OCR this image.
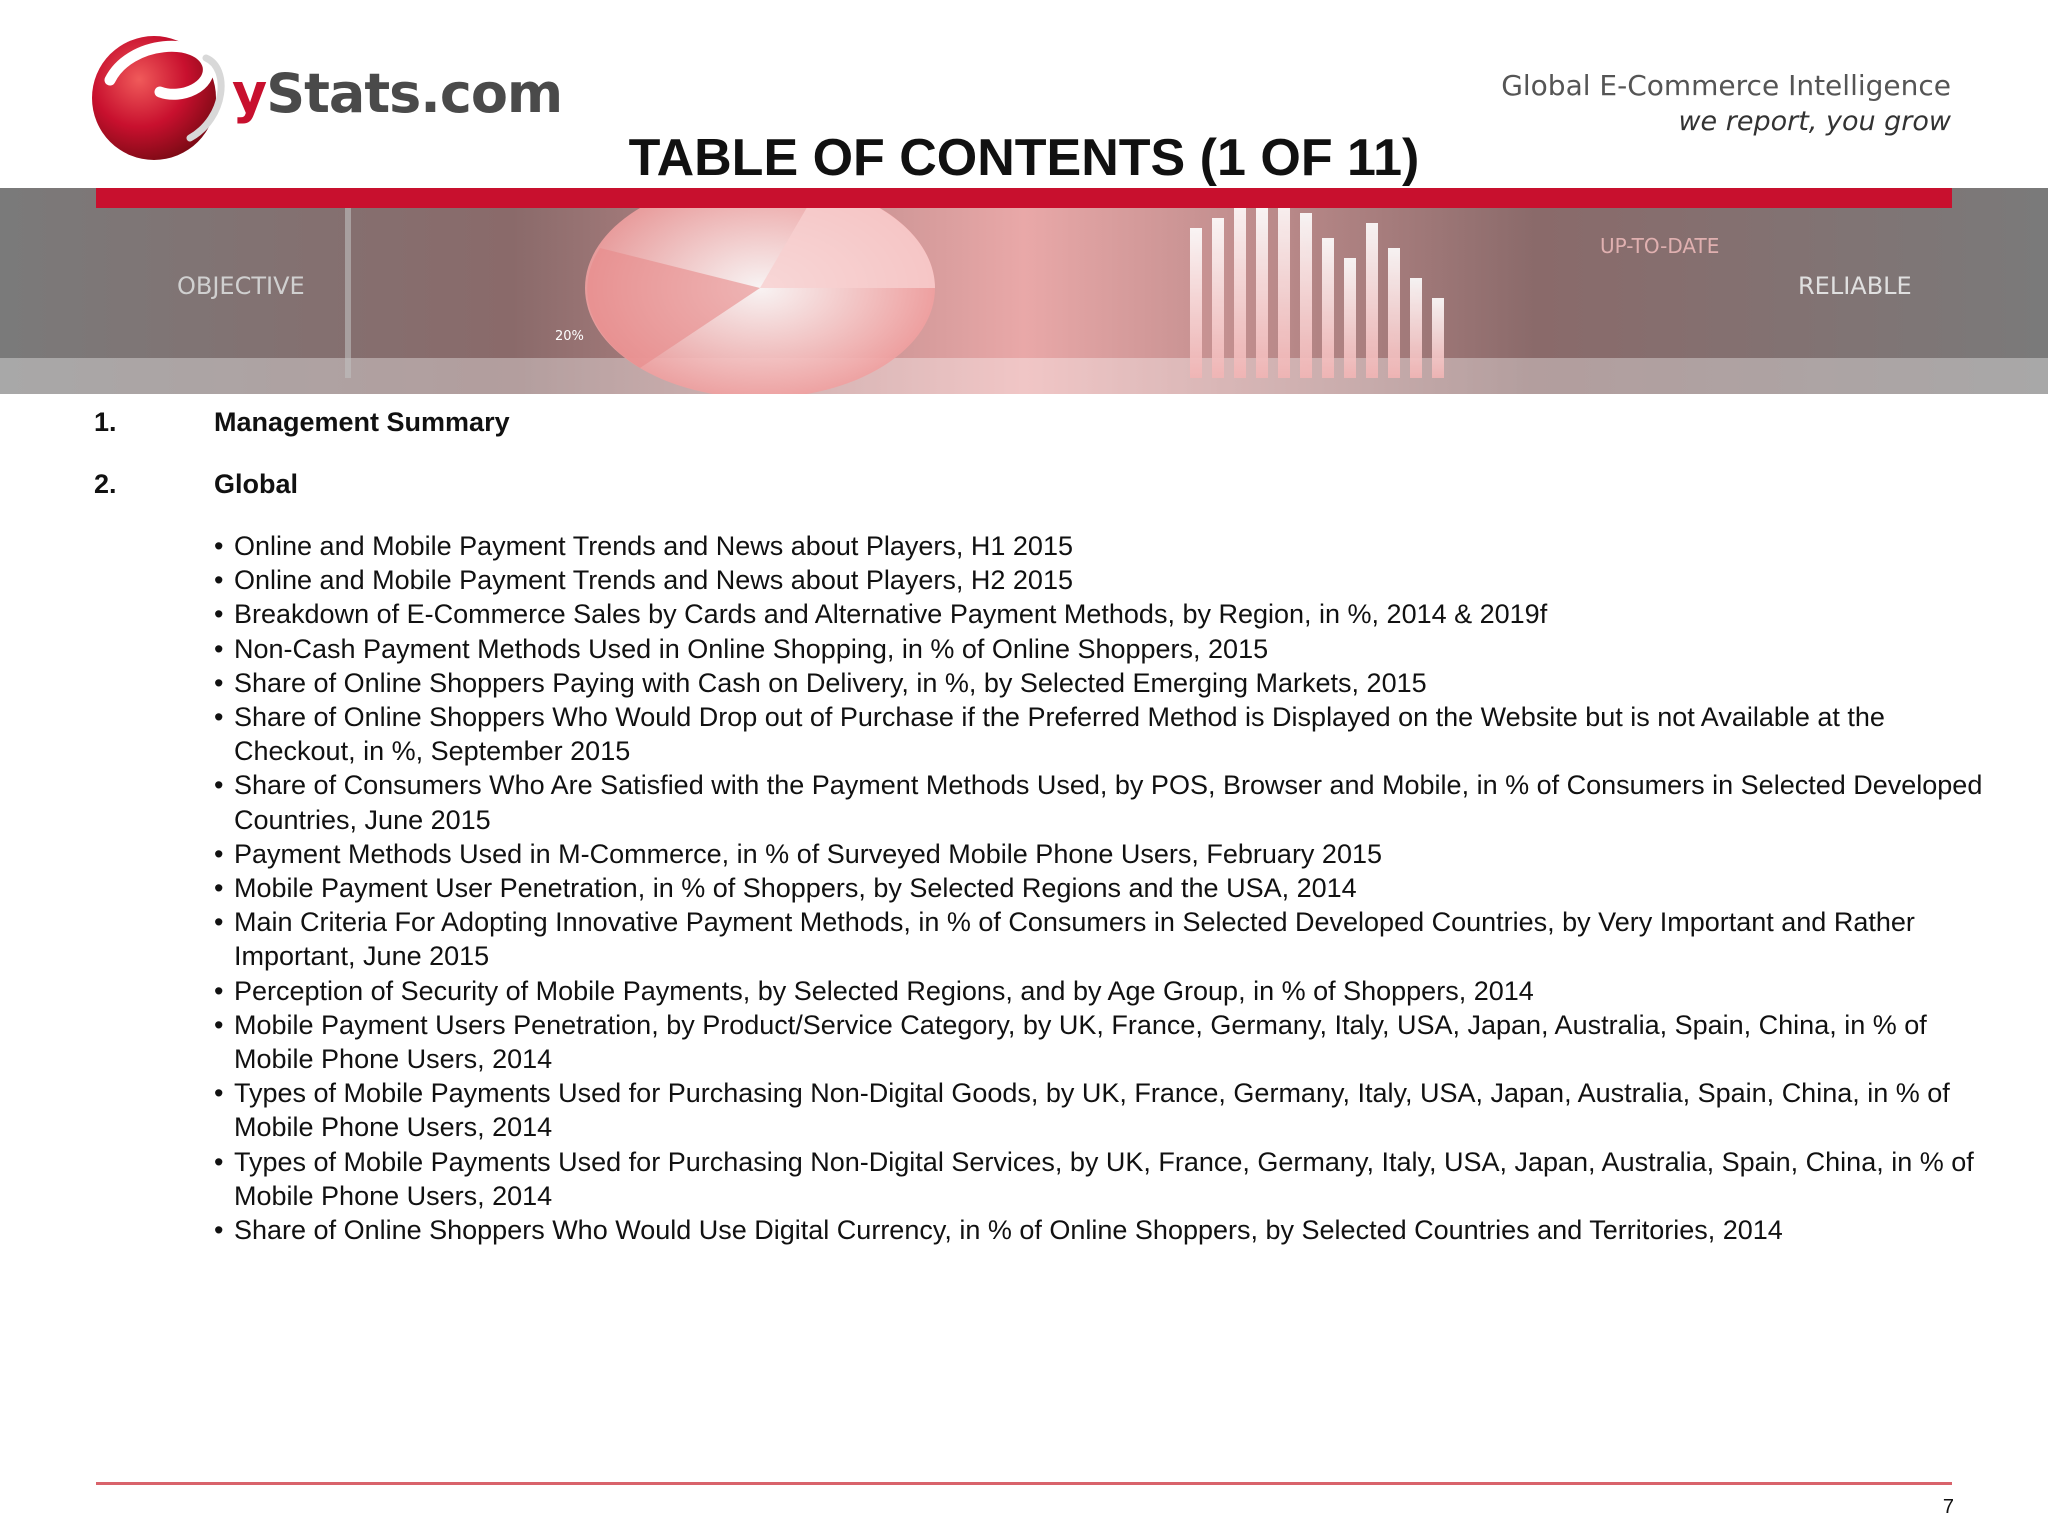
yStats.com	Global E-Commerce Intelligence
we report, you grow
OBJECTIVE
UP-TO-DATE
RELIABLE
20%
TABLE OF CONTENTS (1 OF 11)
1.	Management Summary
2.	Global
• Online and Mobile Payment Trends and News about Players, H1 2015
• Online and Mobile Payment Trends and News about Players, H2 2015
• Breakdown of E-Commerce Sales by Cards and Alternative Payment Methods, by Region, in %, 2014 & 2019f
• Non-Cash Payment Methods Used in Online Shopping, in % of Online Shoppers, 2015
• Share of Online Shoppers Paying with Cash on Delivery, in %, by Selected Emerging Markets, 2015
• Share of Online Shoppers Who Would Drop out of Purchase if the Preferred Method is Displayed on the Website but is not Available at the Checkout, in %, September 2015
• Share of Consumers Who Are Satisfied with the Payment Methods Used, by POS, Browser and Mobile, in % of Consumers in Selected Developed Countries, June 2015
• Payment Methods Used in M-Commerce, in % of Surveyed Mobile Phone Users, February 2015
• Mobile Payment User Penetration, in % of Shoppers, by Selected Regions and the USA, 2014
• Main Criteria For Adopting Innovative Payment Methods, in % of Consumers in Selected Developed Countries, by Very Important and Rather Important, June 2015
• Perception of Security of Mobile Payments, by Selected Regions, and by Age Group, in % of Shoppers, 2014
• Mobile Payment Users Penetration, by Product/Service Category, by UK, France, Germany, Italy, USA, Japan, Australia, Spain, China, in % of Mobile Phone Users, 2014
• Types of Mobile Payments Used for Purchasing Non-Digital Goods, by UK, France, Germany, Italy, USA, Japan, Australia, Spain, China, in % of Mobile Phone Users, 2014
• Types of Mobile Payments Used for Purchasing Non-Digital Services, by UK, France, Germany, Italy, USA, Japan, Australia, Spain, China, in % of Mobile Phone Users, 2014
• Share of Online Shoppers Who Would Use Digital Currency, in % of Online Shoppers, by Selected Countries and Territories, 2014
7
